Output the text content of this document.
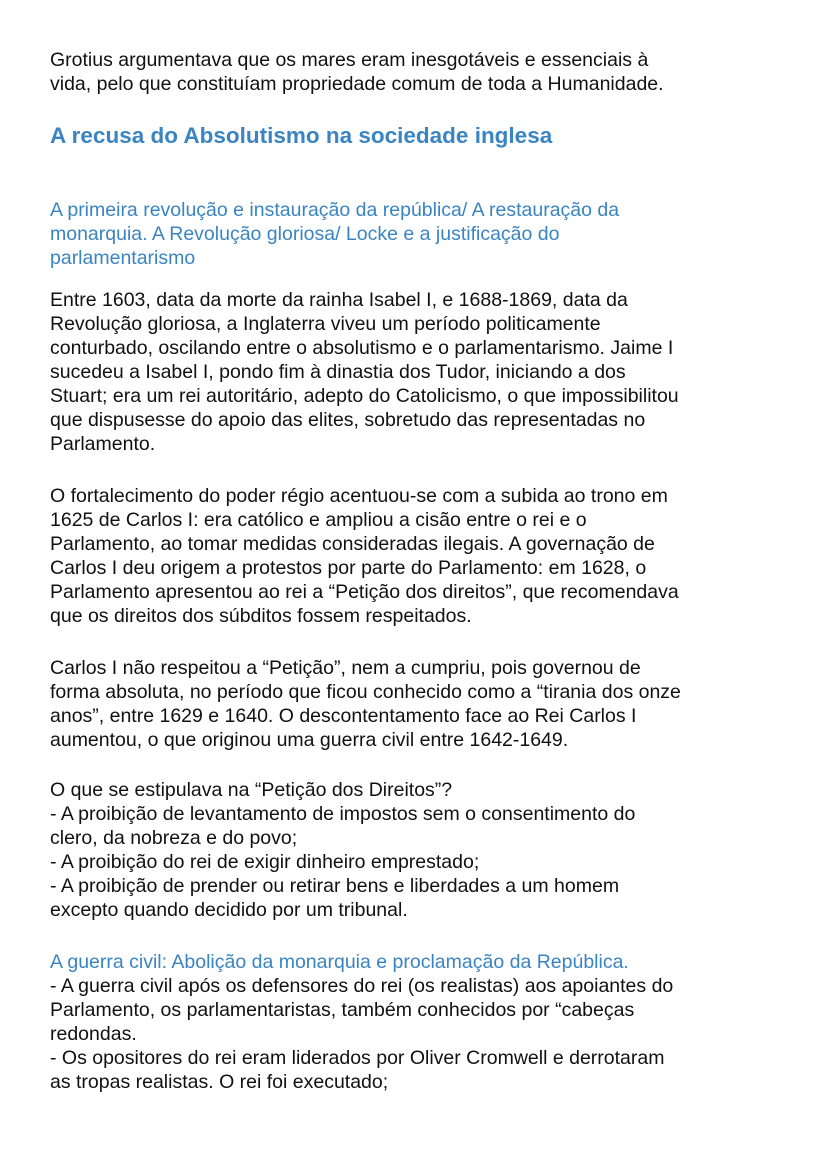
Grotius argumentava que os mares eram inesgotáveis e essenciais à
vida, pelo que constituíam propriedade comum de toda a Humanidade.
A recusa do Absolutismo na sociedade inglesa
A primeira revolução e instauração da república/ A restauração da
monarquia. A Revolução gloriosa/ Locke e a justificação do
parlamentarismo
Entre 1603, data da morte da rainha Isabel I, e 1688-1869, data da
Revolução gloriosa, a Inglaterra viveu um período politicamente
conturbado, oscilando entre o absolutismo e o parlamentarismo. Jaime I
sucedeu a Isabel I, pondo fim à dinastia dos Tudor, iniciando a dos
Stuart; era um rei autoritário, adepto do Catolicismo, o que impossibilitou
que dispusesse do apoio das elites, sobretudo das representadas no
Parlamento.
O fortalecimento do poder régio acentuou-se com a subida ao trono em
1625 de Carlos I: era católico e ampliou a cisão entre o rei e o
Parlamento, ao tomar medidas consideradas ilegais. A governação de
Carlos I deu origem a protestos por parte do Parlamento: em 1628, o
Parlamento apresentou ao rei a “Petição dos direitos”, que recomendava
que os direitos dos súbditos fossem respeitados.
Carlos I não respeitou a “Petição”, nem a cumpriu, pois governou de
forma absoluta, no período que ficou conhecido como a “tirania dos onze
anos”, entre 1629 e 1640. O descontentamento face ao Rei Carlos I
aumentou, o que originou uma guerra civil entre 1642-1649.
O que se estipulava na “Petição dos Direitos”?
- A proibição de levantamento de impostos sem o consentimento do
clero, da nobreza e do povo;
- A proibição do rei de exigir dinheiro emprestado;
- A proibição de prender ou retirar bens e liberdades a um homem
excepto quando decidido por um tribunal.
A guerra civil: Abolição da monarquia e proclamação da República.
- A guerra civil após os defensores do rei (os realistas) aos apoiantes do
Parlamento, os parlamentaristas, também conhecidos por “cabeças
redondas.
- Os opositores do rei eram liderados por Oliver Cromwell e derrotaram
as tropas realistas. O rei foi executado;
